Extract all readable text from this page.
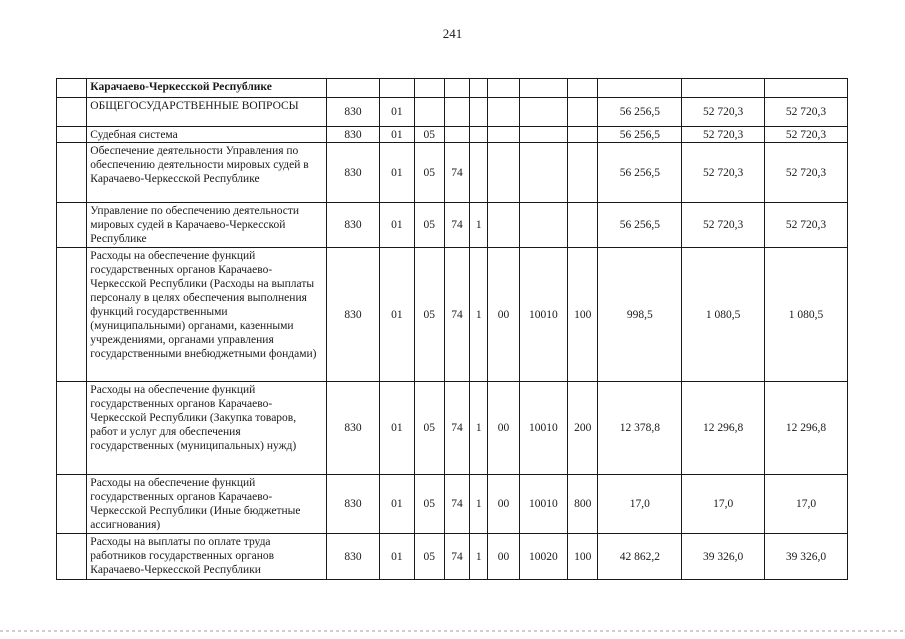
241
	Карачаево-Черкесской Республике											
	ОБЩЕГОСУДАРСТВЕННЫЕ ВОПРОСЫ	830	01							56 256,5	52 720,3	52 720,3
	Судебная система	830	01	05						56 256,5	52 720,3	52 720,3
	Обеспечение деятельности Управления по обеспечению деятельности мировых судей в Карачаево-Черкесской Республике	830	01	05	74					56 256,5	52 720,3	52 720,3
	Управление по обеспечению деятельности мировых судей в Карачаево-Черкесской Республике	830	01	05	74	1				56 256,5	52 720,3	52 720,3
	Расходы на обеспечение функций государственных органов Карачаево-Черкесской Республики (Расходы на выплаты персоналу в целях обеспечения выполнения функций государственными (муниципальными) органами, казенными учреждениями, органами управления государственными внебюджетными фондами)	830	01	05	74	1	00	10010	100	998,5	1 080,5	1 080,5
	Расходы на обеспечение функций государственных органов Карачаево-Черкесской Республики (Закупка товаров, работ и услуг для обеспечения государственных (муниципальных) нужд)	830	01	05	74	1	00	10010	200	12 378,8	12 296,8	12 296,8
	Расходы на обеспечение функций государственных органов Карачаево-Черкесской Республики (Иные бюджетные ассигнования)	830	01	05	74	1	00	10010	800	17,0	17,0	17,0
	Расходы на выплаты по оплате труда работников государственных органов Карачаево-Черкесской Республики	830	01	05	74	1	00	10020	100	42 862,2	39 326,0	39 326,0
